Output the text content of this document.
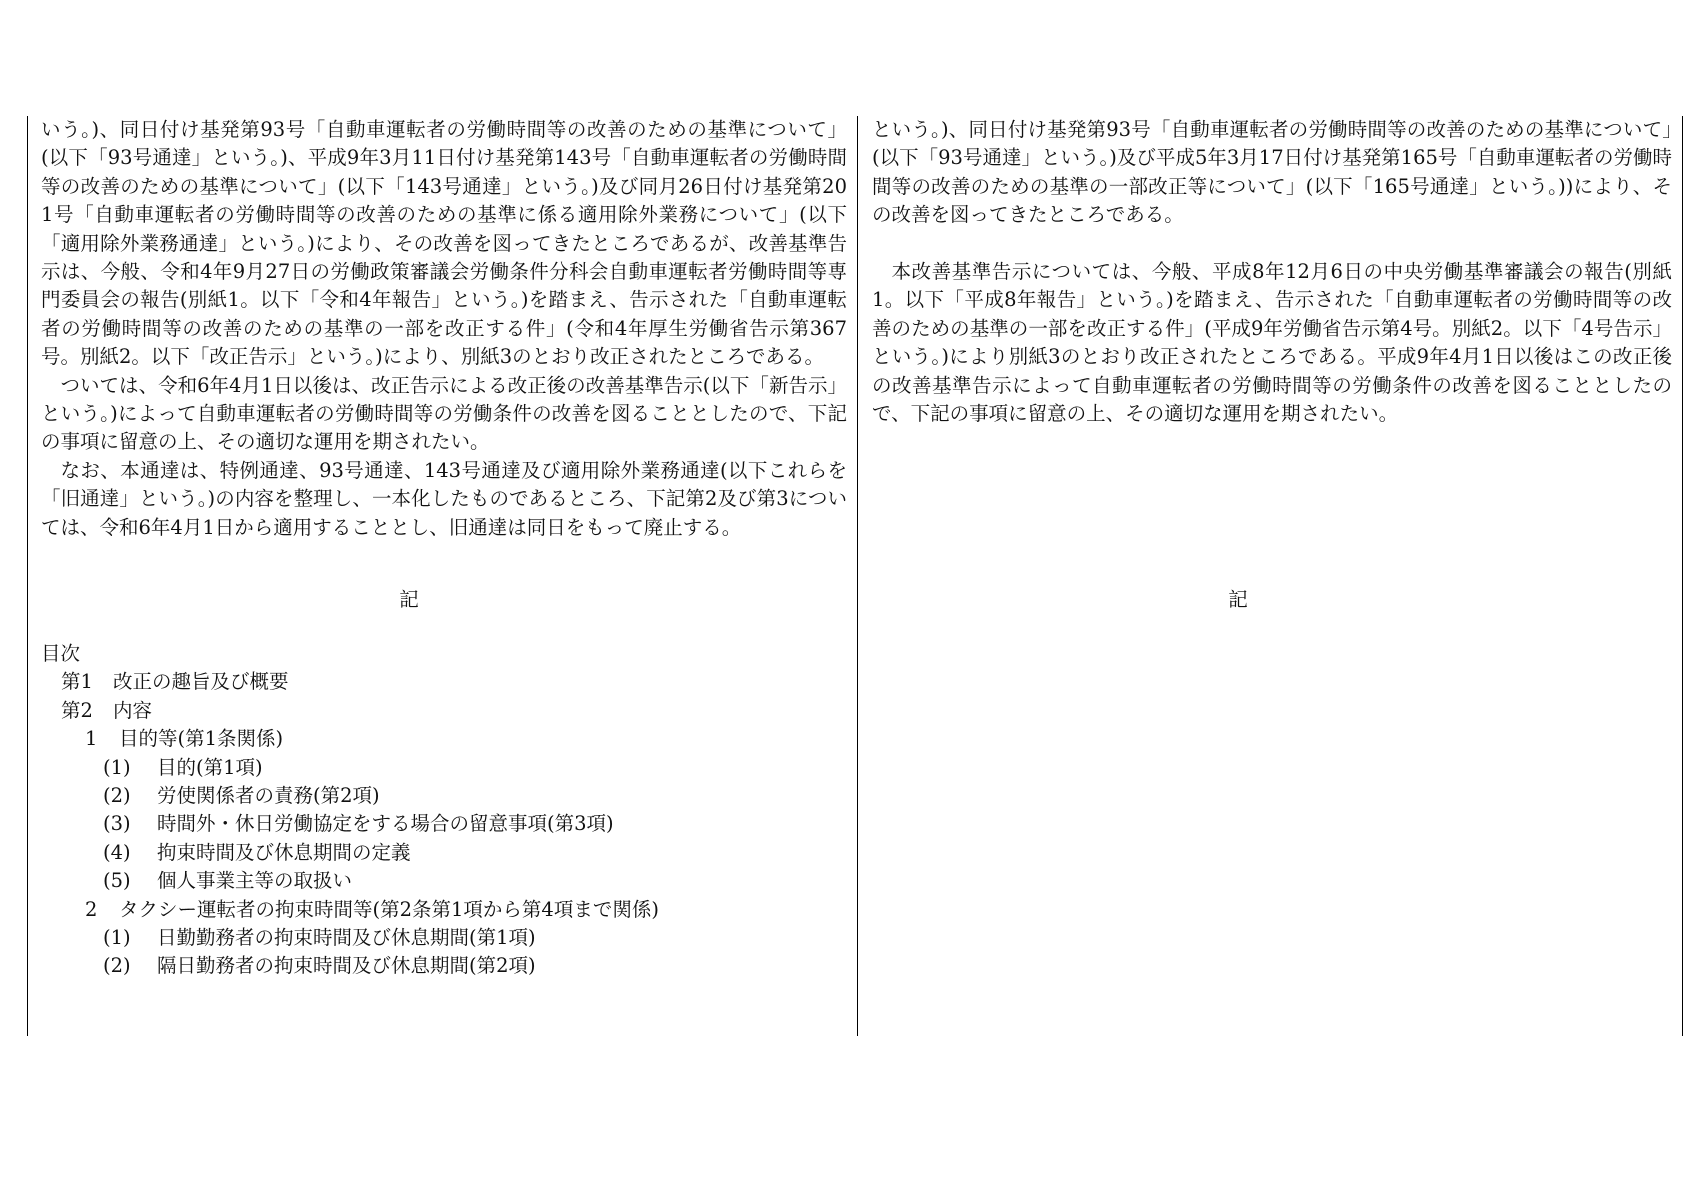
いう。)、同日付け基発第93号「自動車運転者の労働時間等の改善のための基準について」(以下「93号通達」という。)、平成9年3月11日付け基発第143号「自動車運転者の労働時間等の改善のための基準について」(以下「143号通達」という。)及び同月26日付け基発第201号「自動車運転者の労働時間等の改善のための基準に係る適用除外業務について」(以下「適用除外業務通達」という。)により、その改善を図ってきたところであるが、改善基準告示は、今般、令和4年9月27日の労働政策審議会労働条件分科会自動車運転者労働時間等専門委員会の報告(別紙1。以下「令和4年報告」という。)を踏まえ、告示された「自動車運転者の労働時間等の改善のための基準の一部を改正する件」(令和4年厚生労働省告示第367号。別紙2。以下「改正告示」という。)により、別紙3のとおり改正されたところである。

ついては、令和6年4月1日以後は、改正告示による改正後の改善基準告示(以下「新告示」という。)によって自動車運転者の労働時間等の労働条件の改善を図ることとしたので、下記の事項に留意の上、その適切な運用を期されたい。

なお、本通達は、特例通達、93号通達、143号通達及び適用除外業務通達(以下これらを「旧通達」という。)の内容を整理し、一本化したものであるところ、下記第2及び第3については、令和6年4月1日から適用することとし、旧通達は同日をもって廃止する。

記
目次
第1 改正の趣旨及び概要
第2 内容
1 目的等(第1条関係)
(1) 目的(第1項)
(2) 労使関係者の責務(第2項)
(3) 時間外・休日労働協定をする場合の留意事項(第3項)
(4) 拘束時間及び休息期間の定義
(5) 個人事業主等の取扱い
2 タクシー運転者の拘束時間等(第2条第1項から第4項まで関係)
(1) 日勤勤務者の拘束時間及び休息期間(第1項)
(2) 隔日勤務者の拘束時間及び休息期間(第2項)

という。)、同日付け基発第93号「自動車運転者の労働時間等の改善のための基準について」(以下「93号通達」という。)及び平成5年3月17日付け基発第165号「自動車運転者の労働時間等の改善のための基準の一部改正等について」(以下「165号通達」という。))により、その改善を図ってきたところである。

本改善基準告示については、今般、平成8年12月6日の中央労働基準審議会の報告(別紙1。以下「平成8年報告」という。)を踏まえ、告示された「自動車運転者の労働時間等の改善のための基準の一部を改正する件」(平成9年労働省告示第4号。別紙2。以下「4号告示」という。)により別紙3のとおり改正されたところである。平成9年4月1日以後はこの改正後の改善基準告示によって自動車運転者の労働時間等の労働条件の改善を図ることとしたので、下記の事項に留意の上、その適切な運用を期されたい。

記
